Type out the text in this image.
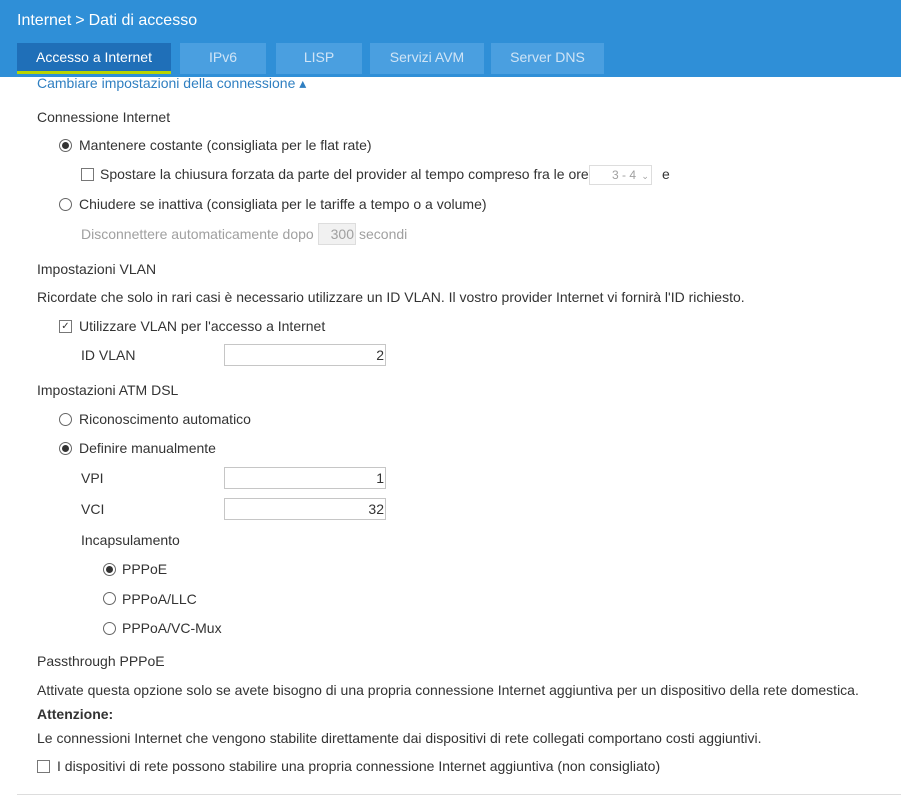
Internet > Dati di accesso
Accesso a Internet	IPv6	LISP	Servizi AVM	Server DNS
Cambiare impostazioni della connessione ▴
Connessione Internet
Mantenere costante (consigliata per le flat rate)
Spostare la chiusura forzata da parte del provider al tempo compreso fra le ore	3 - 4 ⌄ e
Chiudere se inattiva (consigliata per le tariffe a tempo o a volume)
Disconnettere automaticamente dopo	300 secondi
Impostazioni VLAN
Ricordate che solo in rari casi è necessario utilizzare un ID VLAN. Il vostro provider Internet vi fornirà l'ID richiesto.
✓ Utilizzare VLAN per l'accesso a Internet
ID VLAN	2
Impostazioni ATM DSL
Riconoscimento automatico
Definire manualmente
VPI	1
VCI	32
Incapsulamento
PPPoE
PPPoA/LLC
PPPoA/VC-Mux
Passthrough PPPoE
Attivate questa opzione solo se avete bisogno di una propria connessione Internet aggiuntiva per un dispositivo della rete domestica.
Attenzione:
Le connessioni Internet che vengono stabilite direttamente dai dispositivi di rete collegati comportano costi aggiuntivi.
I dispositivi di rete possono stabilire una propria connessione Internet aggiuntiva (non consigliato)
